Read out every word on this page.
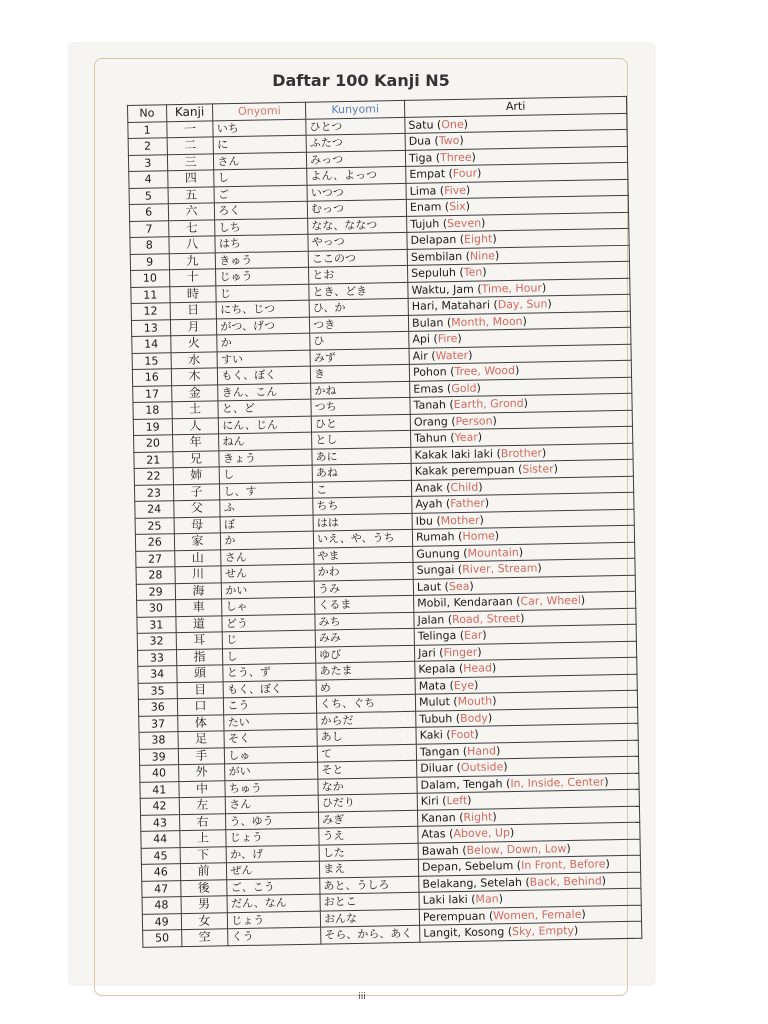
Daftar 100 Kanji N5
No	Kanji	Onyomi	Kunyomi	Arti
1	一	いち	ひとつ	Satu (One)
2	二	に	ふたつ	Dua (Two)
3	三	さん	みっつ	Tiga (Three)
4	四	し	よん、よっつ	Empat (Four)
5	五	ご	いつつ	Lima (Five)
6	六	ろく	むっつ	Enam (Six)
7	七	しち	なな、ななつ	Tujuh (Seven)
8	八	はち	やっつ	Delapan (Eight)
9	九	きゅう	ここのつ	Sembilan (Nine)
10	十	じゅう	とお	Sepuluh (Ten)
11	時	じ	とき、どき	Waktu, Jam (Time, Hour)
12	日	にち、じつ	ひ、か	Hari, Matahari (Day, Sun)
13	月	がつ、げつ	つき	Bulan (Month, Moon)
14	火	か	ひ	Api (Fire)
15	水	すい	みず	Air (Water)
16	木	もく、ぼく	き	Pohon (Tree, Wood)
17	金	きん、こん	かね	Emas (Gold)
18	土	と、ど	つち	Tanah (Earth, Grond)
19	人	にん、じん	ひと	Orang (Person)
20	年	ねん	とし	Tahun (Year)
21	兄	きょう	あに	Kakak laki laki (Brother)
22	姉	し	あね	Kakak perempuan (Sister)
23	子	し、す	こ	Anak (Child)
24	父	ふ	ちち	Ayah (Father)
25	母	ぼ	はは	Ibu (Mother)
26	家	か	いえ、や、うち	Rumah (Home)
27	山	さん	やま	Gunung (Mountain)
28	川	せん	かわ	Sungai (River, Stream)
29	海	かい	うみ	Laut (Sea)
30	車	しゃ	くるま	Mobil, Kendaraan (Car, Wheel)
31	道	どう	みち	Jalan (Road, Street)
32	耳	じ	みみ	Telinga (Ear)
33	指	し	ゆび	Jari (Finger)
34	頭	とう、ず	あたま	Kepala (Head)
35	目	もく、ぼく	め	Mata (Eye)
36	口	こう	くち、ぐち	Mulut (Mouth)
37	体	たい	からだ	Tubuh (Body)
38	足	そく	あし	Kaki (Foot)
39	手	しゅ	て	Tangan (Hand)
40	外	がい	そと	Diluar (Outside)
41	中	ちゅう	なか	Dalam, Tengah (In, Inside, Center)
42	左	さん	ひだり	Kiri (Left)
43	右	う、ゆう	みぎ	Kanan (Right)
44	上	じょう	うえ	Atas (Above, Up)
45	下	か、げ	した	Bawah (Below, Down, Low)
46	前	ぜん	まえ	Depan, Sebelum (In Front, Before)
47	後	ご、こう	あと、うしろ	Belakang, Setelah (Back, Behind)
48	男	だん、なん	おとこ	Laki laki (Man)
49	女	じょう	おんな	Perempuan (Women, Female)
50	空	くう	そら、から、あく	Langit, Kosong (Sky, Empty)
iii
